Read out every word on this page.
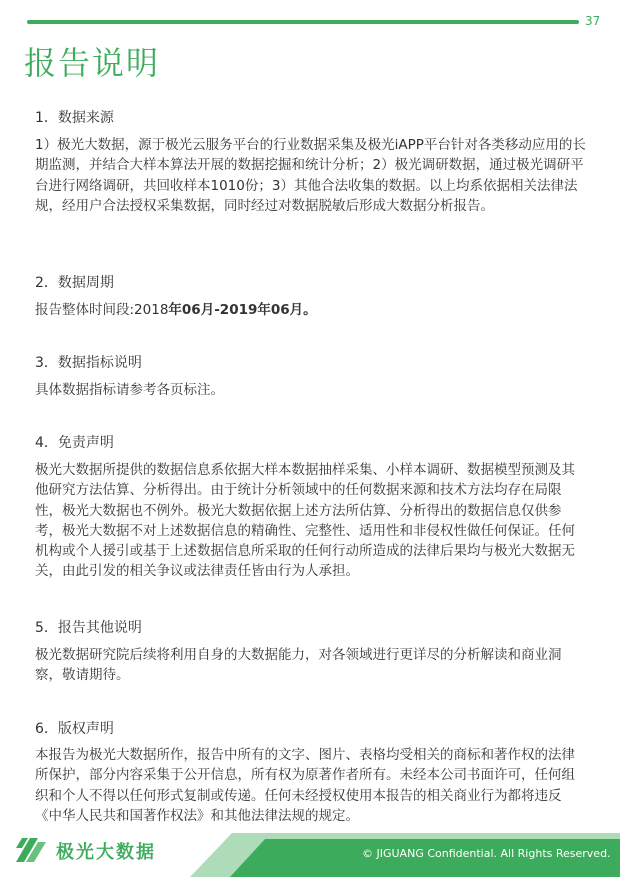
37
报告说明
1．数据来源
1）极光大数据，源于极光云服务平台的行业数据采集及极光iAPP平台针对各类移动应用的长期监测，并结合大样本算法开展的数据挖掘和统计分析；2）极光调研数据，通过极光调研平台进行网络调研，共回收样本1010份；3）其他合法收集的数据。以上均系依据相关法律法规，经用户合法授权采集数据，同时经过对数据脱敏后形成大数据分析报告。
2．数据周期
报告整体时间段:2018年06月-2019年06月。
3．数据指标说明
具体数据指标请参考各页标注。
4．免责声明
极光大数据所提供的数据信息系依据大样本数据抽样采集、小样本调研、数据模型预测及其他研究方法估算、分析得出。由于统计分析领域中的任何数据来源和技术方法均存在局限性，极光大数据也不例外。极光大数据依据上述方法所估算、分析得出的数据信息仅供参考，极光大数据不对上述数据信息的精确性、完整性、适用性和非侵权性做任何保证。任何机构或个人援引或基于上述数据信息所采取的任何行动所造成的法律后果均与极光大数据无关，由此引发的相关争议或法律责任皆由行为人承担。
5．报告其他说明
极光数据研究院后续将利用自身的大数据能力，对各领域进行更详尽的分析解读和商业洞察，敬请期待。
6．版权声明
本报告为极光大数据所作，报告中所有的文字、图片、表格均受相关的商标和著作权的法律所保护，部分内容采集于公开信息，所有权为原著作者所有。未经本公司书面许可，任何组织和个人不得以任何形式复制或传递。任何未经授权使用本报告的相关商业行为都将违反《中华人民共和国著作权法》和其他法律法规的规定。
极光大数据	© JIGUANG Confidential. All Rights Reserved.
